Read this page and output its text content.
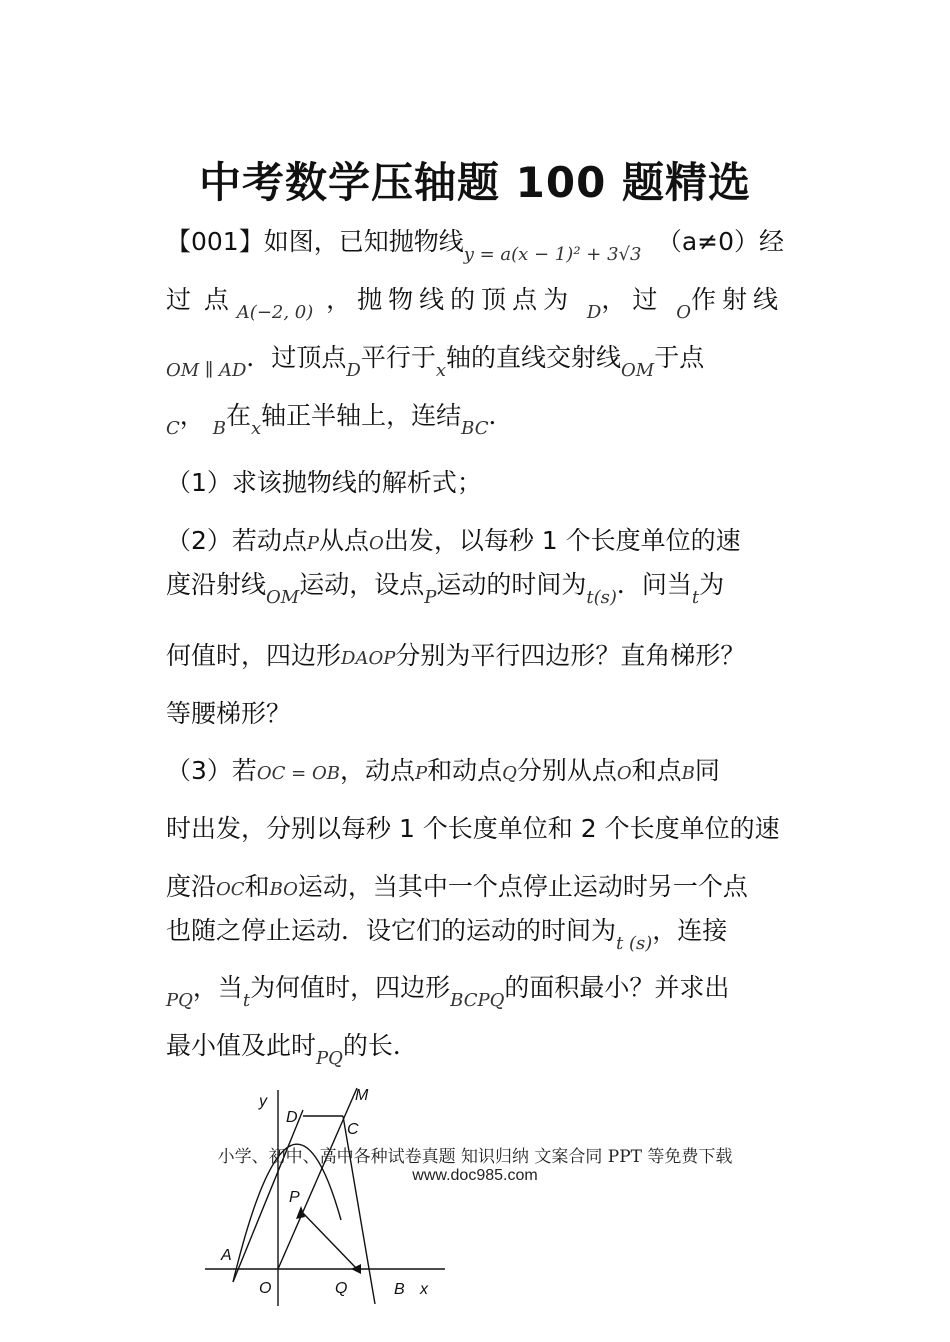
中考数学压轴题 100 题精选
【001】如图，已知抛物线$_{y = a(x - 1)^2 + 3√3}$ （a≠0）经
过 点 $_{A(-2, 0)}$ ，抛物线的顶点为 $_D$，过 $_O$作射线
$_{OM \parallel AD}$．过顶点$_D$平行于$_x$轴的直线交射线$_{OM}$于点
$_C$， $_B$在$_x$轴正半轴上，连结$_{BC}$．
（1）求该抛物线的解析式；
（2）若动点P从点O出发，以每秒 1 个长度单位的速
度沿射线$_{OM}$运动，设点$_P$运动的时间为$_{t(s)}$．问当$_t$为
何值时，四边形DAOP分别为平行四边形？直角梯形？
等腰梯形？
（3）若OC = OB，动点P和动点Q分别从点O和点B同
时出发，分别以每秒 1 个长度单位和 2 个长度单位的速
度沿OC和BO运动，当其中一个点停止运动时另一个点
也随之停止运动．设它们的运动的时间为$_{t (s)}$，连接
$_{PQ}$，当$_t$为何值时，四边形$_{BCPQ}$的面积最小？并求出
最小值及此时$_{PQ}$的长．
y	M
D
C
P
A
O	Q	B x
小学、初中、高中各种试卷真题 知识归纳 文案合同 PPT 等免费下载
www.doc985.com
